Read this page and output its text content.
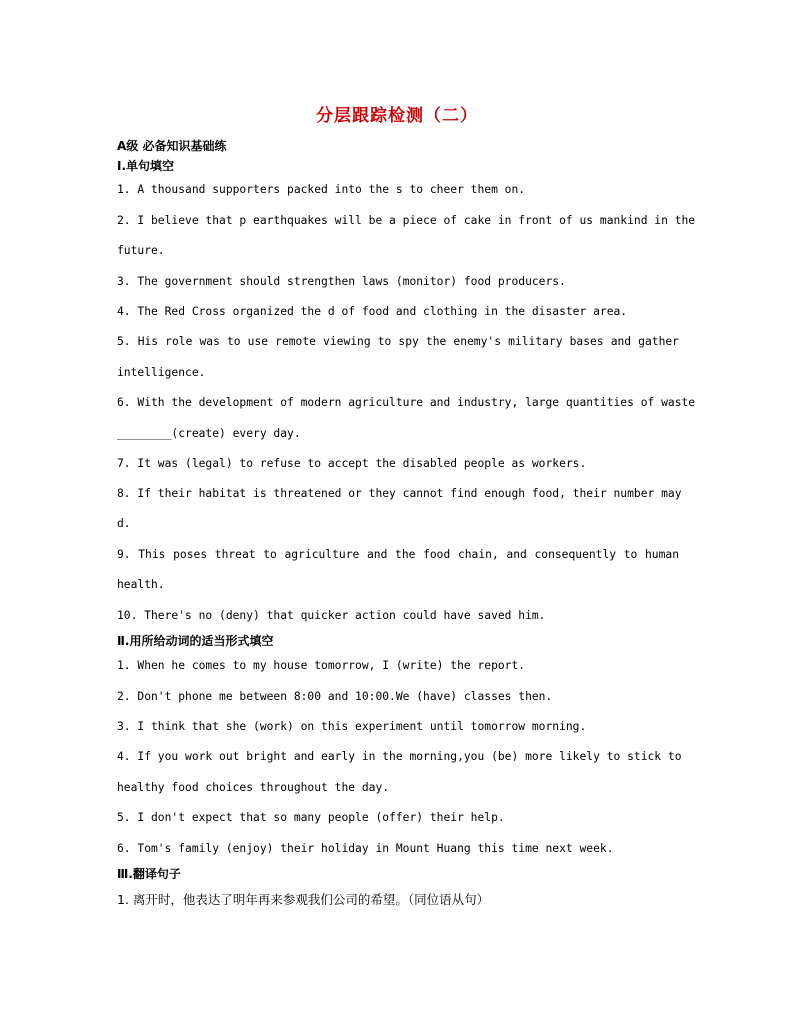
分层跟踪检测（二）
A级 必备知识基础练
Ⅰ.单句填空
1. A thousand supporters packed into the s to cheer them on.
2. I believe that p earthquakes will be a piece of cake in front of us mankind in the
future.
3. The government should strengthen laws (monitor) food producers.
4. The Red Cross organized the d of food and clothing in the disaster area.
5. His role was to use remote viewing to spy the enemy's military bases and gather
intelligence.
6. With the development of modern agriculture and industry, large quantities of waste
________(create) every day.
7. It was (legal) to refuse to accept the disabled people as workers.
8. If their habitat is threatened or they cannot find enough food, their number may
d.
9. This poses threat to agriculture and the food chain, and consequently to human
health.
10. There's no (deny) that quicker action could have saved him.
Ⅱ.用所给动词的适当形式填空
1. When he comes to my house tomorrow, I (write) the report.
2. Don't phone me between 8:00 and 10:00.We (have) classes then.
3. I think that she (work) on this experiment until tomorrow morning.
4. If you work out bright and early in the morning,you (be) more likely to stick to
healthy food choices throughout the day.
5. I don't expect that so many people (offer) their help.
6. Tom's family (enjoy) their holiday in Mount Huang this time next week.
Ⅲ.翻译句子
1. 离开时，他表达了明年再来参观我们公司的希望。（同位语从句）
